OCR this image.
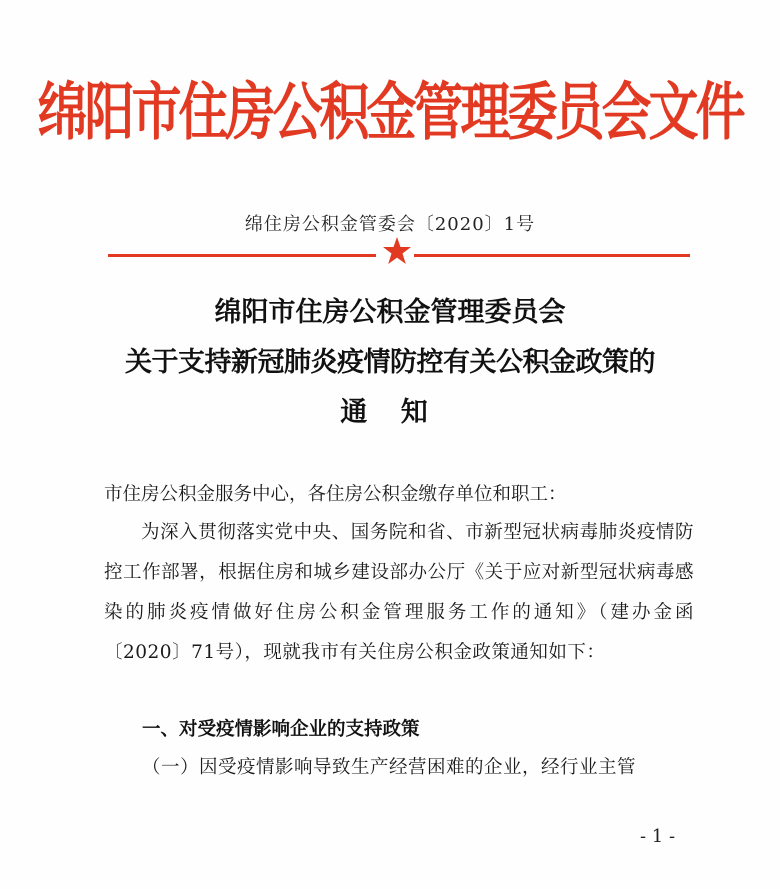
绵阳市住房公积金管理委员会文件
绵住房公积金管委会〔2020〕1号
绵阳市住房公积金管理委员会
关于支持新冠肺炎疫情防控有关公积金政策的
通 知
市住房公积金服务中心，各住房公积金缴存单位和职工：
为深入贯彻落实党中央、国务院和省、市新型冠状病毒肺炎疫情防控工作部署，根据住房和城乡建设部办公厅《关于应对新型冠状病毒感染的肺炎疫情做好住房公积金管理服务工作的通知》（建办金函〔2020〕71号），现就我市有关住房公积金政策通知如下：
一、对受疫情影响企业的支持政策
（一）因受疫情影响导致生产经营困难的企业，经行业主管
- 1 -
